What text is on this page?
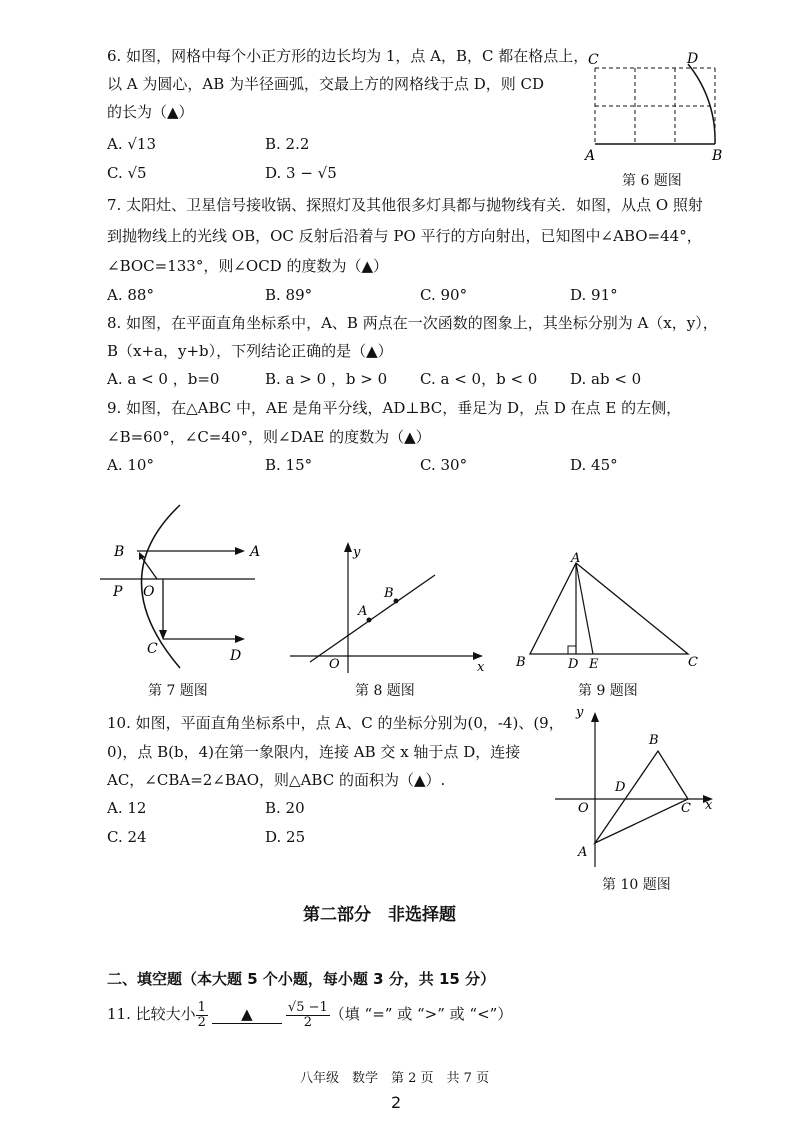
6. 如图，网格中每个小正方形的边长均为 1，点 A，B，C 都在格点上，
以 A 为圆心，AB 为半径画弧，交最上方的网格线于点 D，则 CD
的长为（▲）
A. √13	B. 2.2
C. √5	D. 3 − √5
C	D
A	B
第 6 题图
7. 太阳灶、卫星信号接收锅、探照灯及其他很多灯具都与抛物线有关．如图，从点 O 照射
到抛物线上的光线 OB，OC 反射后沿着与 PO 平行的方向射出，已知图中∠ABO=44°，
∠BOC=133°，则∠OCD 的度数为（▲）
A. 88°	B. 89°	C. 90°	D. 91°
8. 如图，在平面直角坐标系中，A、B 两点在一次函数的图象上，其坐标分别为 A（x，y），
B（x+a，y+b），下列结论正确的是（▲）
A. a < 0 ，b=0	B. a > 0 ，b > 0 C. a < 0，b < 0 D. ab < 0
9. 如图，在△ABC 中，AE 是角平分线，AD⊥BC，垂足为 D，点 D 在点 E 的左侧，
∠B=60°，∠C=40°，则∠DAE 的度数为（▲）
A. 10°	B. 15°	C. 30°	D. 45°
B	A
P O
C	D
第 7 题图
y
x
O
A
B
第 8 题图
A
B	D E	C
第 9 题图
10. 如图，平面直角坐标系中，点 A、C 的坐标分别为(0，-4)、(9，
0)，点 B(b，4)在第一象限内，连接 AB 交 x 轴于点 D，连接
AC，∠CBA=2∠BAO，则△ABC 的面积为（▲）.
A. 12	B. 20
C. 24	D. 25
y
B
D
O	C x
A
第 10 题图
第二部分　非选择题
二、填空题（本大题 5 个小题，每小题 3 分，共 15 分）
11. 比较大小 $\frac{1}{2}$ ▲	$\frac{√5 -1}{2}$ （填 “=” 或 “>” 或 “<”）
八年级　数学　第 2 页　共 7 页
2
